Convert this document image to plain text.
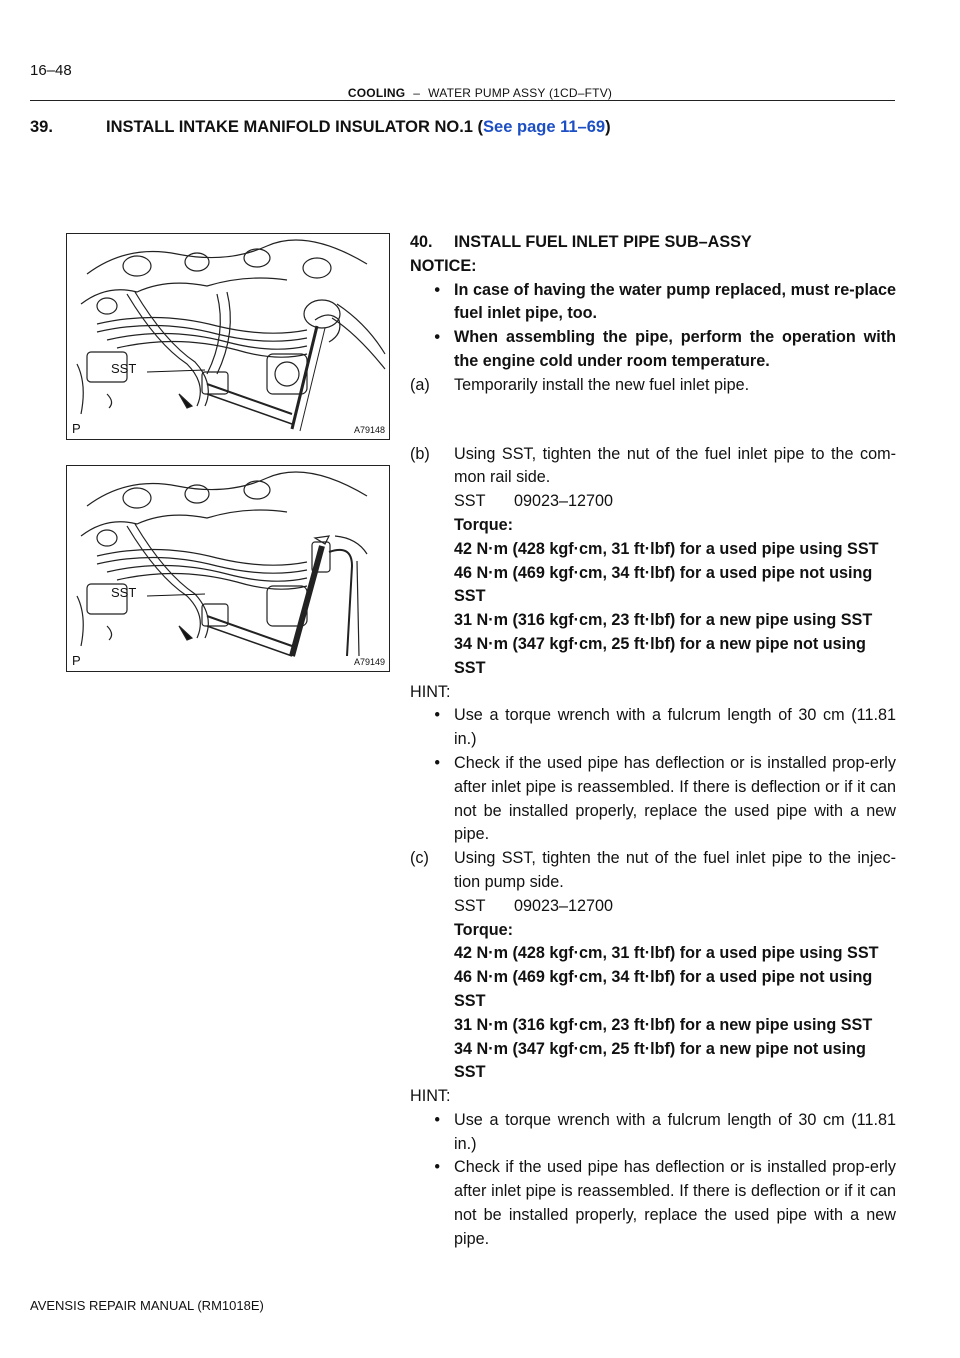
16–48
COOLING – WATER PUMP ASSY (1CD–FTV)
39.	INSTALL INTAKE MANIFOLD INSULATOR NO.1 (See page 11–69)
SST
P	A79148
SST
P	A79149

40. INSTALL FUEL INLET PIPE SUB–ASSY

NOTICE:

• In case of having the water pump replaced, must re-place fuel inlet pipe, too.
• When assembling the pipe, perform the operation with the engine cold under room temperature.
(a)	Temporarily install the new fuel inlet pipe.
(b)	Using SST, tighten the nut of the fuel inlet pipe to the com-mon rail side.
SST 09023–12700
Torque:
42 N·m (428 kgf·cm, 31 ft·lbf) for a used pipe using SST
46 N·m (469 kgf·cm, 34 ft·lbf) for a used pipe not using SST
31 N·m (316 kgf·cm, 23 ft·lbf) for a new pipe using SST
34 N·m (347 kgf·cm, 25 ft·lbf) for a new pipe not using SST

HINT:

• Use a torque wrench with a fulcrum length of 30 cm (11.81 in.)
• Check if the used pipe has deflection or is installed prop-erly after inlet pipe is reassembled. If there is deflection or if it can not be installed properly, replace the used pipe with a new pipe.
(c)	Using SST, tighten the nut of the fuel inlet pipe to the injec-tion pump side.
SST 09023–12700
Torque:
42 N·m (428 kgf·cm, 31 ft·lbf) for a used pipe using SST
46 N·m (469 kgf·cm, 34 ft·lbf) for a used pipe not using SST
31 N·m (316 kgf·cm, 23 ft·lbf) for a new pipe using SST
34 N·m (347 kgf·cm, 25 ft·lbf) for a new pipe not using SST

HINT:

• Use a torque wrench with a fulcrum length of 30 cm (11.81 in.)
• Check if the used pipe has deflection or is installed prop-erly after inlet pipe is reassembled. If there is deflection or if it can not be installed properly, replace the used pipe with a new pipe.
AVENSIS REPAIR MANUAL (RM1018E)
